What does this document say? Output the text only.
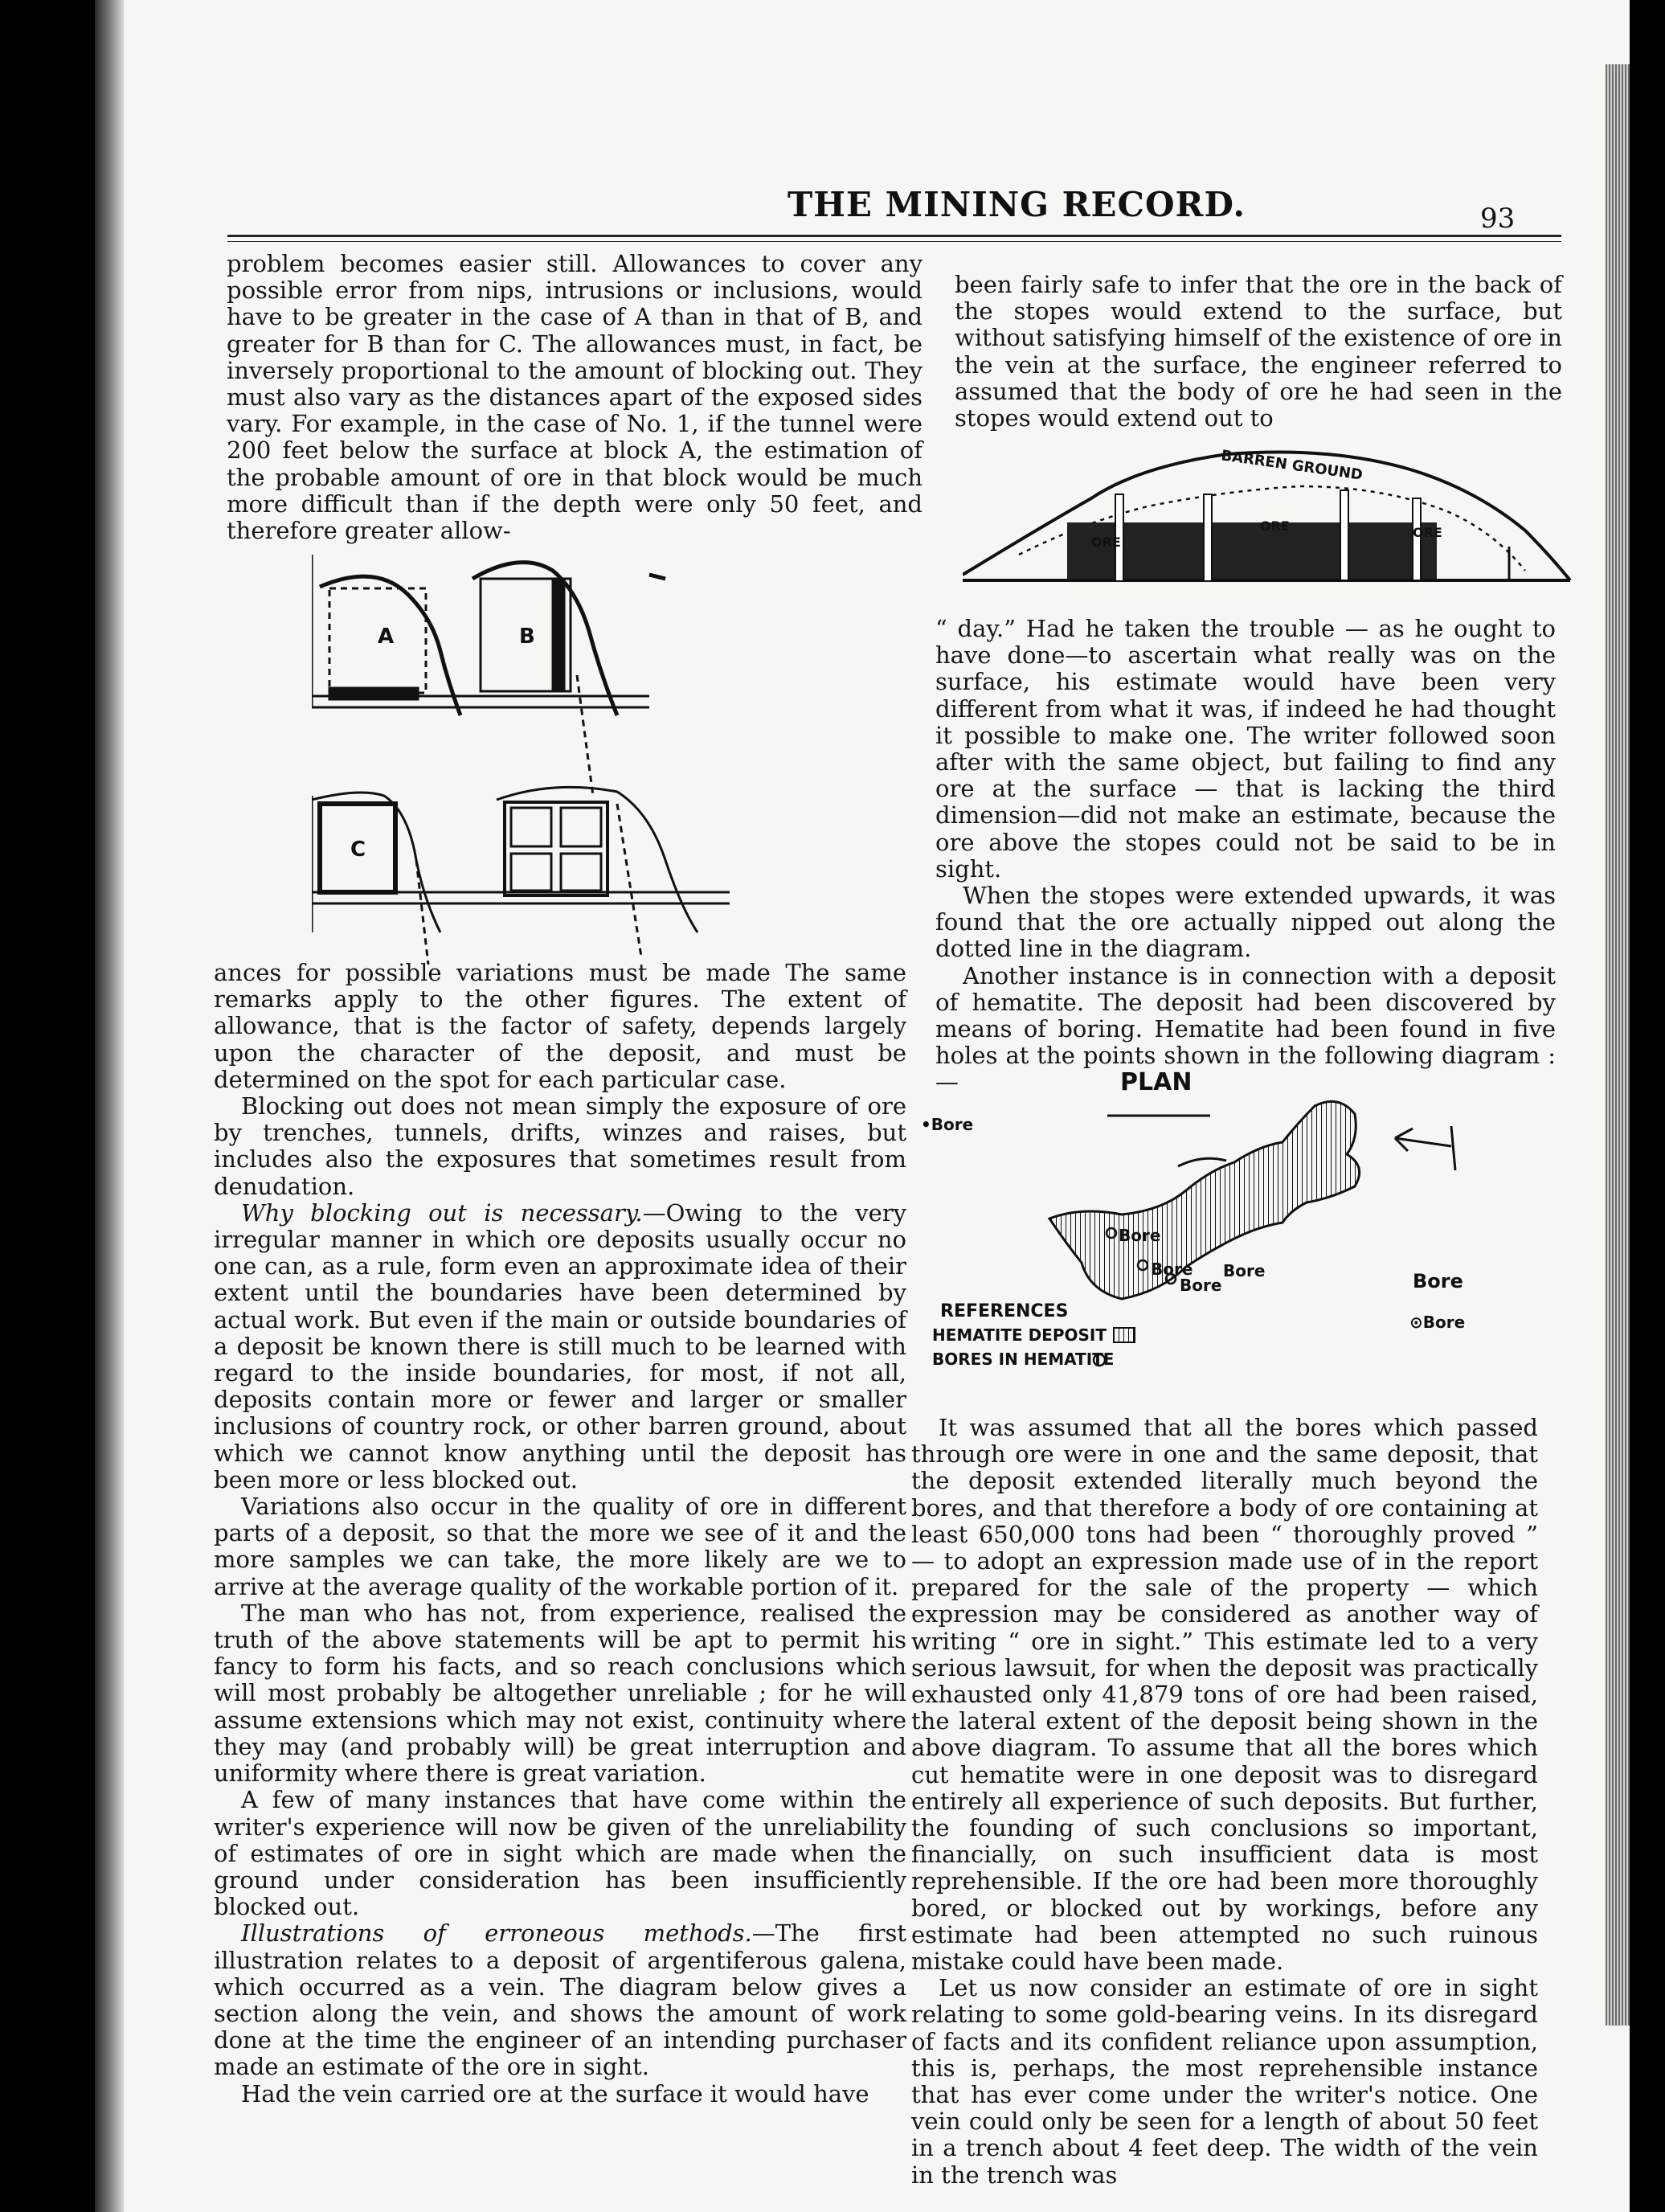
THE MINING RECORD.	93

problem becomes easier still. Allowances to cover any possible error from nips, intrusions or inclusions, would have to be greater in the case of A than in that of B, and greater for B than for C. The allowances must, in fact, be inversely proportional to the amount of blocking out. They must also vary as the distances apart of the exposed sides vary. For example, in the case of No. 1, if the tunnel were 200 feet below the surface at block A, the estimation of the probable amount of ore in that block would be much more difficult than if the depth were only 50 feet, and therefore greater allow-

A	B
C

ances for possible variations must be made The same remarks apply to the other figures. The extent of allowance, that is the factor of safety, depends largely upon the character of the deposit, and must be determined on the spot for each particular case.

Blocking out does not mean simply the exposure of ore by trenches, tunnels, drifts, winzes and raises, but includes also the exposures that sometimes result from denudation.

Why blocking out is necessary.—Owing to the very irregular manner in which ore deposits usually occur no one can, as a rule, form even an approximate idea of their extent until the boundaries have been determined by actual work. But even if the main or outside boundaries of a deposit be known there is still much to be learned with regard to the inside boundaries, for most, if not all, deposits contain more or fewer and larger or smaller inclusions of country rock, or other barren ground, about which we cannot know anything until the deposit has been more or less blocked out.

Variations also occur in the quality of ore in different parts of a deposit, so that the more we see of it and the more samples we can take, the more likely are we to arrive at the average quality of the workable portion of it.

The man who has not, from experience, realised the truth of the above statements will be apt to permit his fancy to form his facts, and so reach conclusions which will most probably be altogether unreliable ; for he will assume extensions which may not exist, continuity where they may (and probably will) be great interruption and uniformity where there is great variation.

A few of many instances that have come within the writer's experience will now be given of the unreliability of estimates of ore in sight which are made when the ground under consideration has been insufficiently blocked out.

Illustrations of erroneous methods.—The first illustration relates to a deposit of argentiferous galena, which occurred as a vein. The diagram below gives a section along the vein, and shows the amount of work done at the time the engineer of an intending purchaser made an estimate of the ore in sight.

Had the vein carried ore at the surface it would have

been fairly safe to infer that the ore in the back of the stopes would extend to the surface, but without satisfying himself of the existence of ore in the vein at the surface, the engineer referred to assumed that the body of ore he had seen in the stopes would extend out to

BARREN GROUND
ORE
ORE	ORE

“ day.” Had he taken the trouble — as he ought to have done—to ascertain what really was on the surface, his estimate would have been very different from what it was, if indeed he had thought it possible to make one. The writer followed soon after with the same object, but failing to find any ore at the surface — that is lacking the third dimension—did not make an estimate, because the ore above the stopes could not be said to be in sight.

When the stopes were extended upwards, it was found that the ore actually nipped out along the dotted line in the diagram.

Another instance is in connection with a deposit of hematite. The deposit had been discovered by means of boring. Hematite had been found in five holes at the points shown in the following diagram :—	PLAN
•Bore
Bore
Bore
Bore
Bore	Bore
⊙Bore
REFERENCES
HEMATITE DEPOSIT
BORES IN HEMATITE

It was assumed that all the bores which passed through ore were in one and the same deposit, that the deposit extended literally much beyond the bores, and that therefore a body of ore containing at least 650,000 tons had been “ thoroughly proved ” — to adopt an expression made use of in the report prepared for the sale of the property — which expression may be considered as another way of writing “ ore in sight.” This estimate led to a very serious lawsuit, for when the deposit was practically exhausted only 41,879 tons of ore had been raised, the lateral extent of the deposit being shown in the above diagram. To assume that all the bores which cut hematite were in one deposit was to disregard entirely all experience of such deposits. But further, the founding of such conclusions so important, financially, on such insufficient data is most reprehensible. If the ore had been more thoroughly bored, or blocked out by workings, before any estimate had been attempted no such ruinous mistake could have been made.

Let us now consider an estimate of ore in sight relating to some gold-bearing veins. In its disregard of facts and its confident reliance upon assumption, this is, perhaps, the most reprehensible instance that has ever come under the writer's notice. One vein could only be seen for a length of about 50 feet in a trench about 4 feet deep. The width of the vein in the trench was
